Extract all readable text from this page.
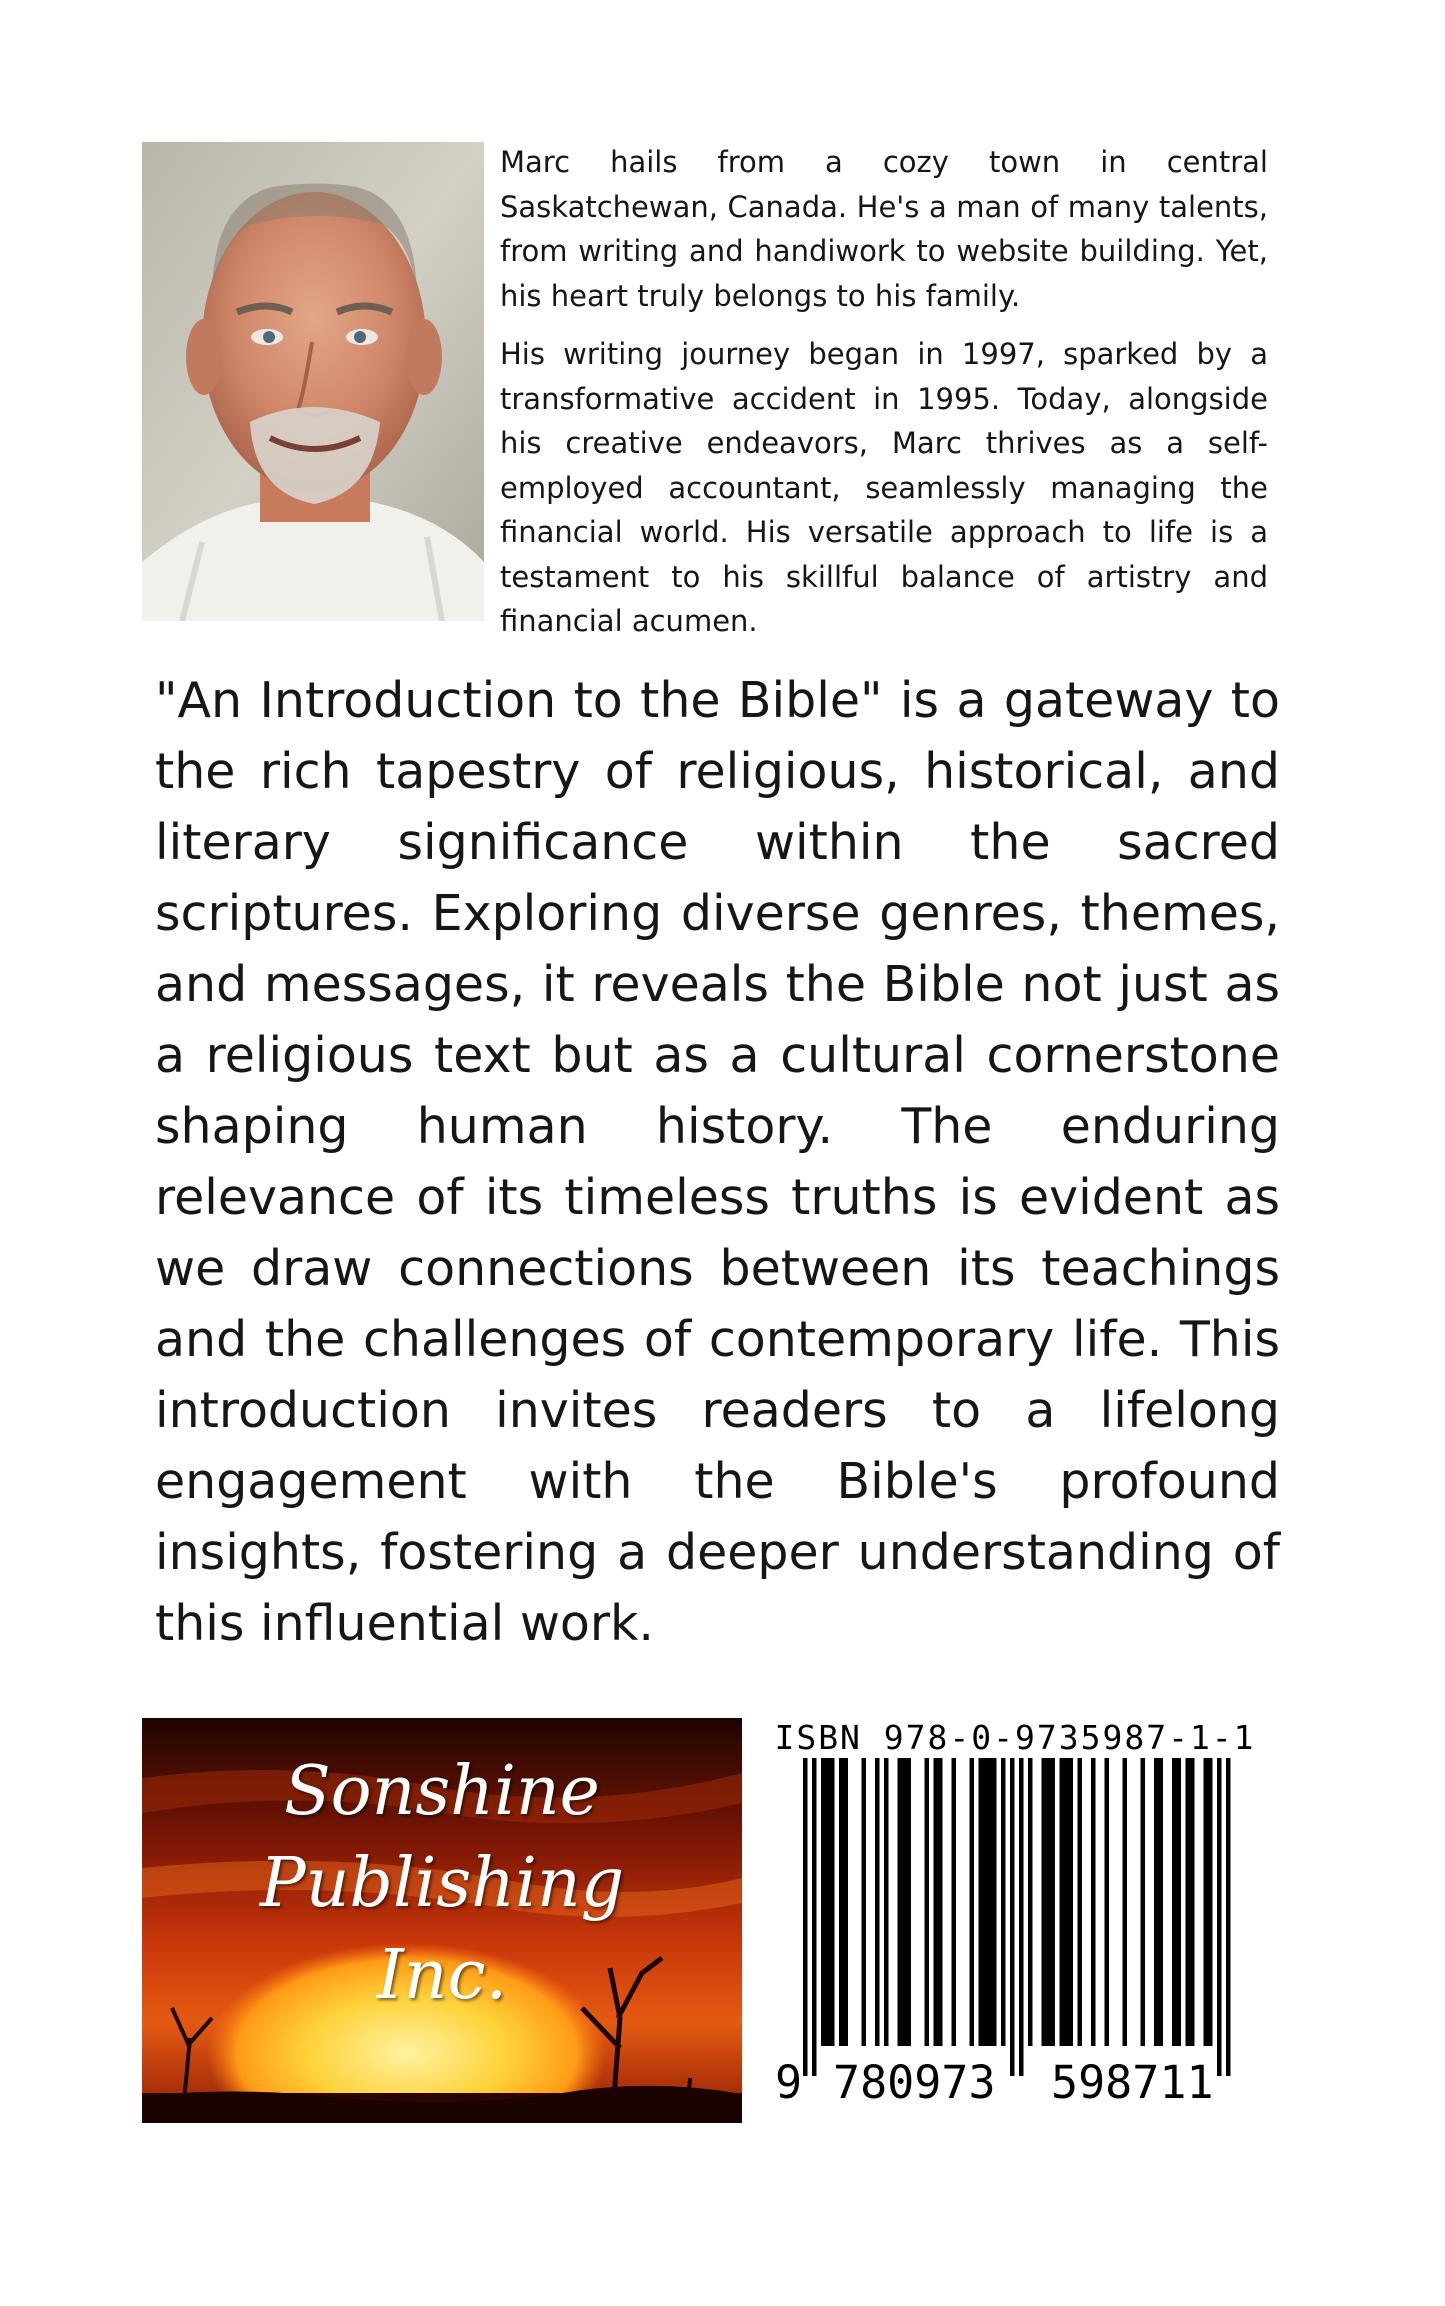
Marc hails from a cozy town in central Saskatchewan, Canada. He's a man of many talents, from writing and handiwork to website building. Yet, his heart truly belongs to his family.

His writing journey began in 1997, sparked by a transformative accident in 1995. Today, alongside his creative endeavors, Marc thrives as a self-employed accountant, seamlessly managing the financial world. His versatile approach to life is a testament to his skillful balance of artistry and financial acumen.

"An Introduction to the Bible" is a gateway to the rich tapestry of religious, historical, and literary significance within the sacred scriptures. Exploring diverse genres, themes, and messages, it reveals the Bible not just as a religious text but as a cultural cornerstone shaping human history. The enduring relevance of its timeless truths is evident as we draw connections between its teachings and the challenges of contemporary life. This introduction invites readers to a lifelong engagement with the Bible's profound insights, fostering a deeper understanding of this influential work.

Sonshine
Publishing
Inc.
ISBN 978-0-9735987-1-1
9 780973 598711
